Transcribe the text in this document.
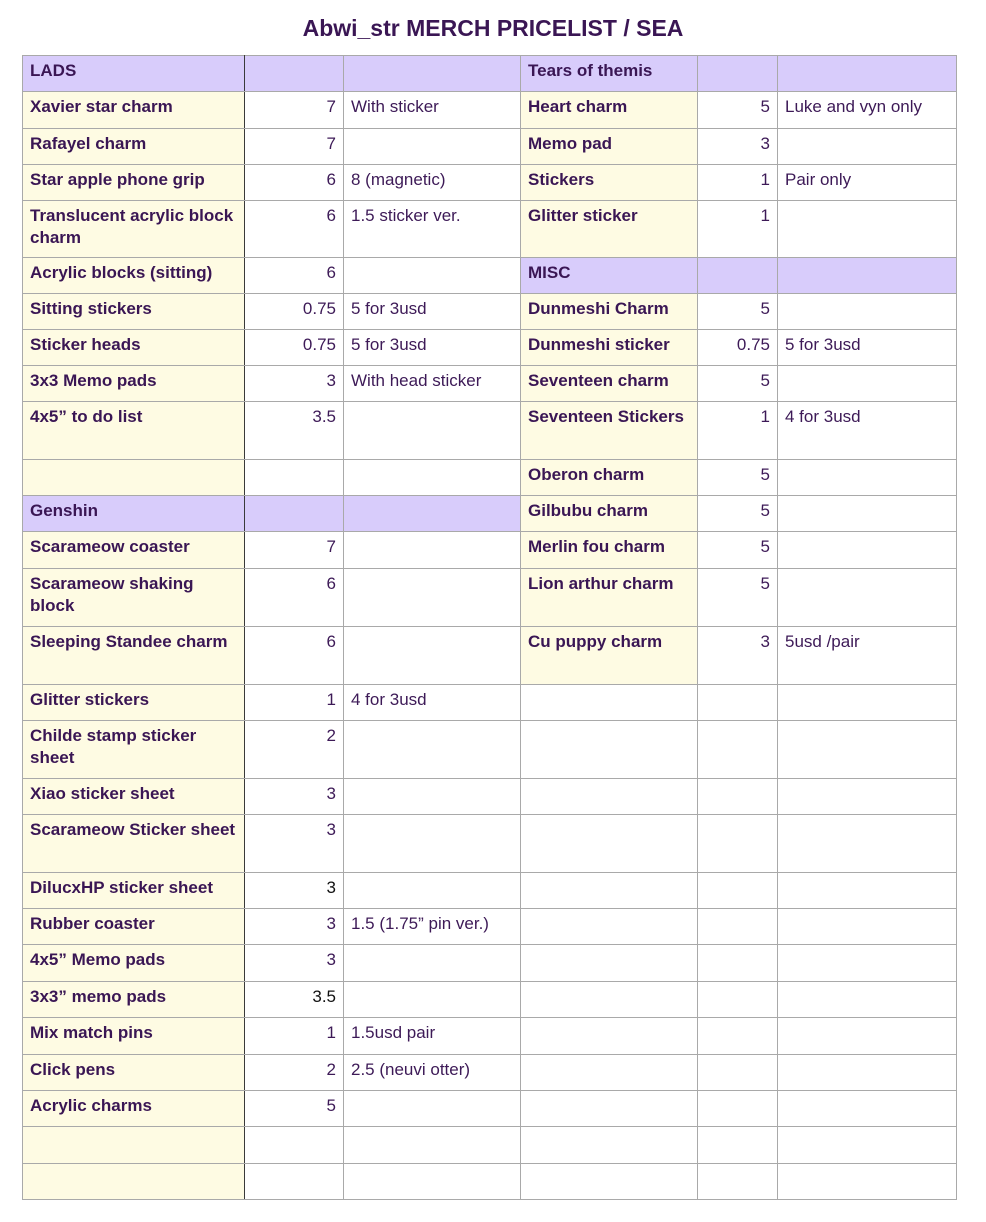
Abwi_str MERCH PRICELIST / SEA
LADS			Tears of themis		
Xavier star charm	7	With sticker	Heart charm	5	Luke and vyn only
Rafayel charm	7		Memo pad	3	
Star apple phone grip	6	8 (magnetic)	Stickers	1	Pair only
Translucent acrylic block charm	6	1.5 sticker ver.	Glitter sticker	1	
Acrylic blocks (sitting)	6		MISC		
Sitting stickers	0.75	5 for 3usd	Dunmeshi Charm	5	
Sticker heads	0.75	5 for 3usd	Dunmeshi sticker	0.75	5 for 3usd
3x3 Memo pads	3	With head sticker	Seventeen charm	5	
4x5” to do list	3.5		Seventeen Stickers	1	4 for 3usd
			Oberon charm	5	
Genshin			Gilbubu charm	5	
Scarameow coaster	7		Merlin fou charm	5	
Scarameow shaking block	6		Lion arthur charm	5	
Sleeping Standee charm	6		Cu puppy charm	3	5usd /pair
Glitter stickers	1	4 for 3usd			
Childe stamp sticker sheet	2				
Xiao sticker sheet	3				
Scarameow Sticker sheet	3				
DilucxHP sticker sheet	3				
Rubber coaster	3	1.5 (1.75” pin ver.)			
4x5” Memo pads	3				
3x3” memo pads	3.5				
Mix match pins	1	1.5usd pair			
Click pens	2	2.5 (neuvi otter)			
Acrylic charms	5				
